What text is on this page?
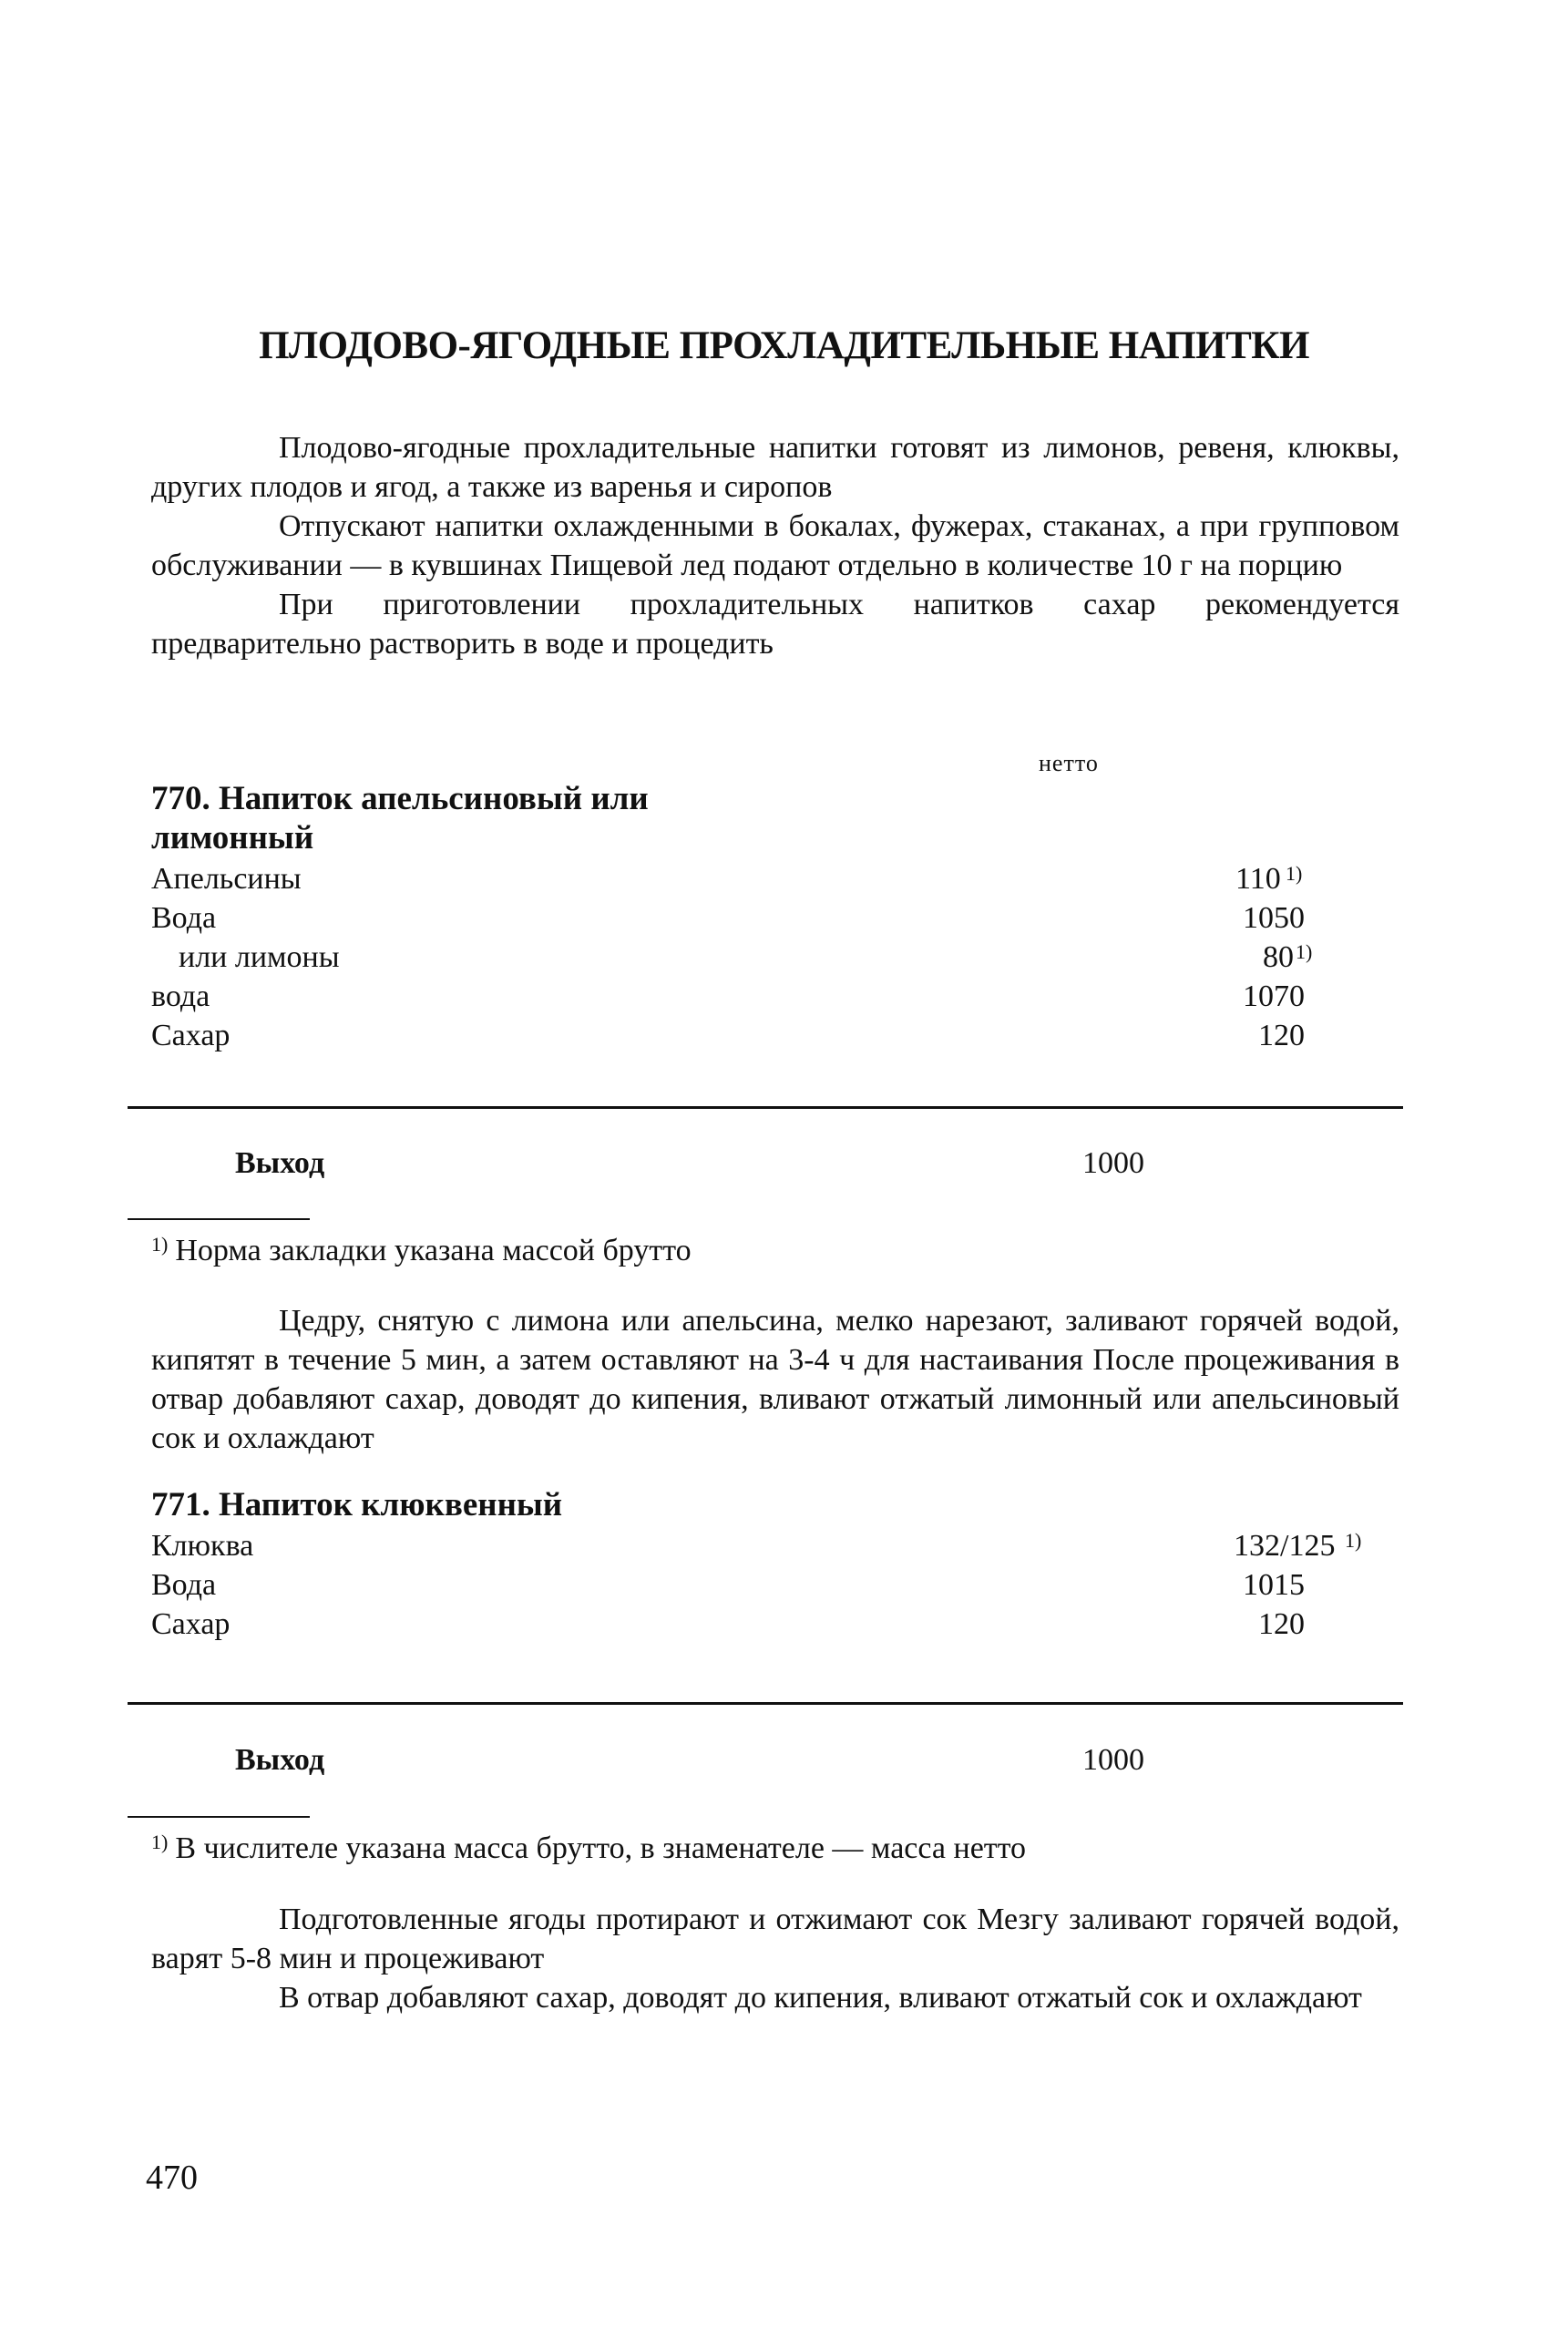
ПЛОДОВО-ЯГОДНЫЕ ПРОХЛАДИТЕЛЬНЫЕ НАПИТКИ

Плодово-ягодные прохладительные напитки готовят из лимонов, ревеня, клюквы, других плодов и ягод, а также из варенья и сиропов

Отпускают напитки охлажденными в бокалах, фужерах, стаканах, а при групповом обслуживании — в кувшинах Пищевой лед подают отдельно в количестве 10 г на порцию

При приготовлении прохладительных напитков сахар рекомендуется предварительно растворить в воде и процедить

нетто
770. Напиток апельсиновый или
лимонный
Апельсины	110 1)
Вода	1050
или лимоны	80 1)
вода	1070
Сахар	120
Выход	1000
$^{1)}$ Норма закладки указана массой брутто

Цедру, снятую с лимона или апельсина, мелко нарезают, заливают горячей водой, кипятят в течение 5 мин, а затем оставляют на 3-4 ч для настаивания После процеживания в отвар добавляют сахар, доводят до кипения, вливают отжатый лимонный или апельсиновый сок и охлаждают

771. Напиток клюквенный
Клюква	132/125 1)
Вода	1015
Сахар	120
Выход	1000
$^{1)}$ В числителе указана масса брутто, в знаменателе — масса нетто

Подготовленные ягоды протирают и отжимают сок Мезгу заливают горячей водой, варят 5-8 мин и процеживают

В отвар добавляют сахар, доводят до кипения, вливают отжатый сок и охлаждают

470
